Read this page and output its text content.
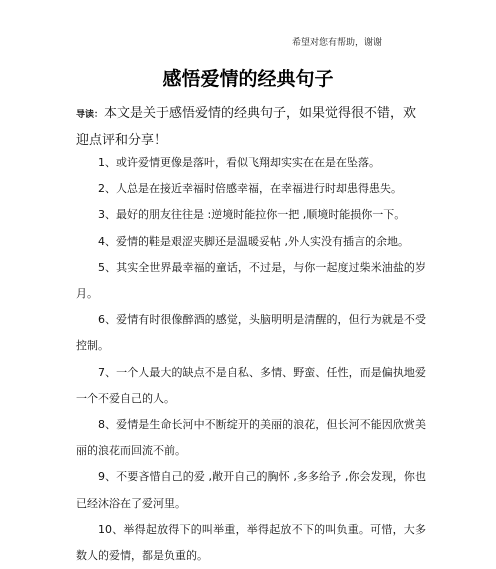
希望对您有帮助，谢谢
感悟爱情的经典句子
导读：本文是关于感悟爱情的经典句子，如果觉得很不错，欢迎点评和分享！

1、或许爱情更像是落叶，看似飞翔却实实在在是在坠落。

2、人总是在接近幸福时倍感幸福，在幸福进行时却患得患失。

3、最好的朋友往往是 :逆境时能拉你一把 ,顺境时能损你一下。

4、爱情的鞋是艰涩夹脚还是温暖妥帖 ,外人实没有插言的余地。

5、其实全世界最幸福的童话，不过是，与你一起度过柴米油盐的岁月。

6、爱情有时很像醉酒的感觉，头脑明明是清醒的，但行为就是不受控制。

7、一个人最大的缺点不是自私、多情、野蛮、任性，而是偏执地爱一个不爱自己的人。

8、爱情是生命长河中不断绽开的美丽的浪花，但长河不能因欣赏美丽的浪花而回流不前。

9、不要吝惜自己的爱 ,敞开自己的胸怀 ,多多给予 ,你会发现，你也已经沐浴在了爱河里。

10、举得起放得下的叫举重，举得起放不下的叫负重。可惜，大多数人的爱情，都是负重的。
